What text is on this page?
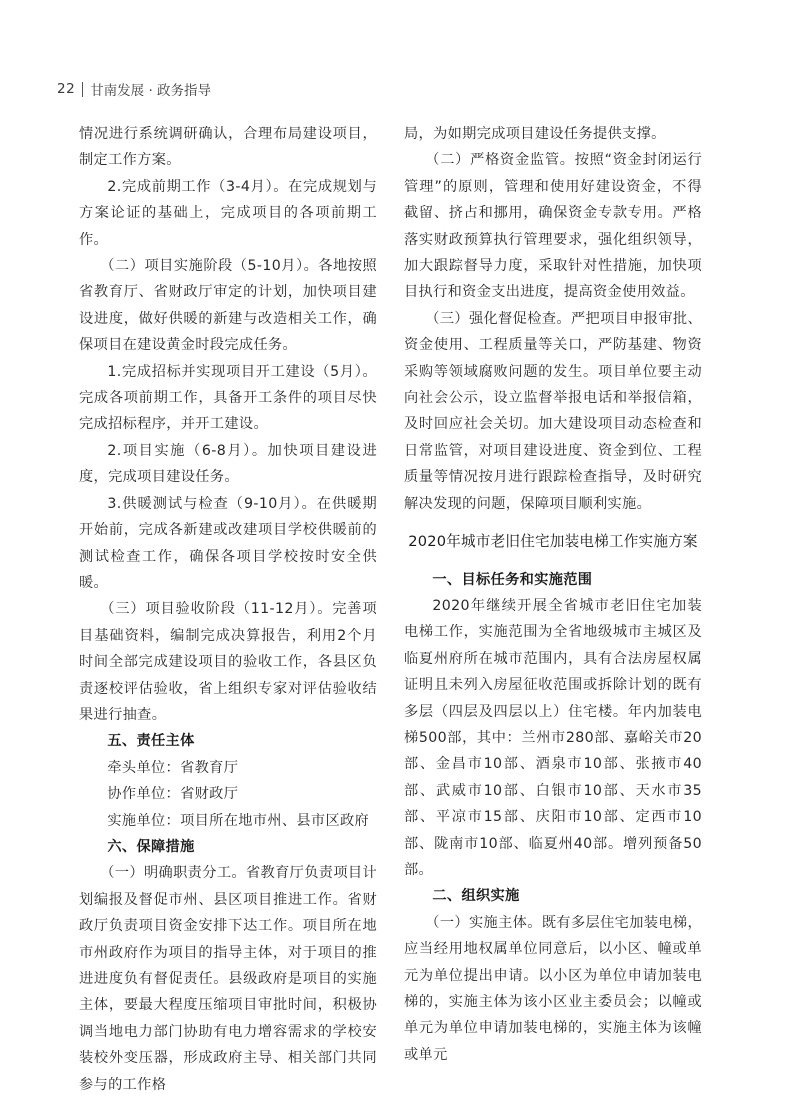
22 甘南发展 · 政务指导

情况进行系统调研确认，合理布局建设项目，制定工作方案。

2.完成前期工作（3-4月）。在完成规划与方案论证的基础上，完成项目的各项前期工作。

（二）项目实施阶段（5-10月）。各地按照省教育厅、省财政厅审定的计划，加快项目建设进度，做好供暖的新建与改造相关工作，确保项目在建设黄金时段完成任务。

1.完成招标并实现项目开工建设（5月）。完成各项前期工作，具备开工条件的项目尽快完成招标程序，并开工建设。

2.项目实施（6-8月）。加快项目建设进度，完成项目建设任务。

3.供暖测试与检查（9-10月）。在供暖期开始前，完成各新建或改建项目学校供暖前的测试检查工作，确保各项目学校按时安全供暖。

（三）项目验收阶段（11-12月）。完善项目基础资料，编制完成决算报告，利用2个月时间全部完成建设项目的验收工作，各县区负责逐校评估验收，省上组织专家对评估验收结果进行抽查。

五、责任主体

牵头单位：省教育厅

协作单位：省财政厅

实施单位：项目所在地市州、县市区政府

六、保障措施

（一）明确职责分工。省教育厅负责项目计划编报及督促市州、县区项目推进工作。省财政厅负责项目资金安排下达工作。项目所在地市州政府作为项目的指导主体，对于项目的推进进度负有督促责任。县级政府是项目的实施主体，要最大程度压缩项目审批时间，积极协调当地电力部门协助有电力增容需求的学校安装校外变压器，形成政府主导、相关部门共同参与的工作格

局，为如期完成项目建设任务提供支撑。

（二）严格资金监管。按照“资金封闭运行管理”的原则，管理和使用好建设资金，不得截留、挤占和挪用，确保资金专款专用。严格落实财政预算执行管理要求，强化组织领导，加大跟踪督导力度，采取针对性措施，加快项目执行和资金支出进度，提高资金使用效益。

（三）强化督促检查。严把项目申报审批、资金使用、工程质量等关口，严防基建、物资采购等领域腐败问题的发生。项目单位要主动向社会公示，设立监督举报电话和举报信箱，及时回应社会关切。加大建设项目动态检查和日常监管，对项目建设进度、资金到位、工程质量等情况按月进行跟踪检查指导，及时研究解决发现的问题，保障项目顺利实施。

2020年城市老旧住宅加装电梯工作实施方案

一、目标任务和实施范围

2020年继续开展全省城市老旧住宅加装电梯工作，实施范围为全省地级城市主城区及临夏州府所在城市范围内，具有合法房屋权属证明且未列入房屋征收范围或拆除计划的既有多层（四层及四层以上）住宅楼。年内加装电梯500部，其中：兰州市280部、嘉峪关市20部、金昌市10部、酒泉市10部、张掖市40部、武威市10部、白银市10部、天水市35部、平凉市15部、庆阳市10部、定西市10部、陇南市10部、临夏州40部。增列预备50部。

二、组织实施

（一）实施主体。既有多层住宅加装电梯，应当经用地权属单位同意后，以小区、幢或单元为单位提出申请。以小区为单位申请加装电梯的，实施主体为该小区业主委员会；以幢或单元为单位申请加装电梯的，实施主体为该幢或单元
